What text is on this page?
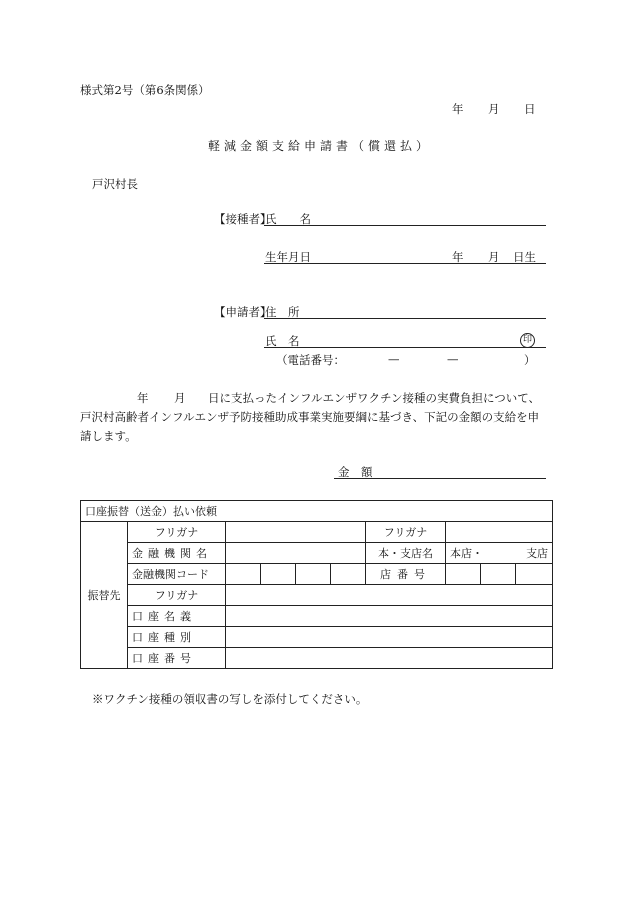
様式第2号（第6条関係）
年 月 日
軽減金額支給申請書（償還払）
戸沢村長
【接種者】
氏　　名
生年月日	年 月 日生
【申請者】
住　所
氏　名	印
（電話番号：	—	—	）
年 月 日に支払ったインフルエンザワクチン接種の実費負担について、
戸沢村高齢者インフルエンザ予防接種助成事業実施要綱に基づき、下記の金額の支給を申
請します。
金　額
口座振替（送金）払い依頼									
振替先	フリガナ					フリガナ			
	金融機関名					本・支店名	本店・ 支店		

	金融機関コード					店番号			
	フリガナ								
	口座名義								
	口座種別								
	口座番号								
※ワクチン接種の領収書の写しを添付してください。
